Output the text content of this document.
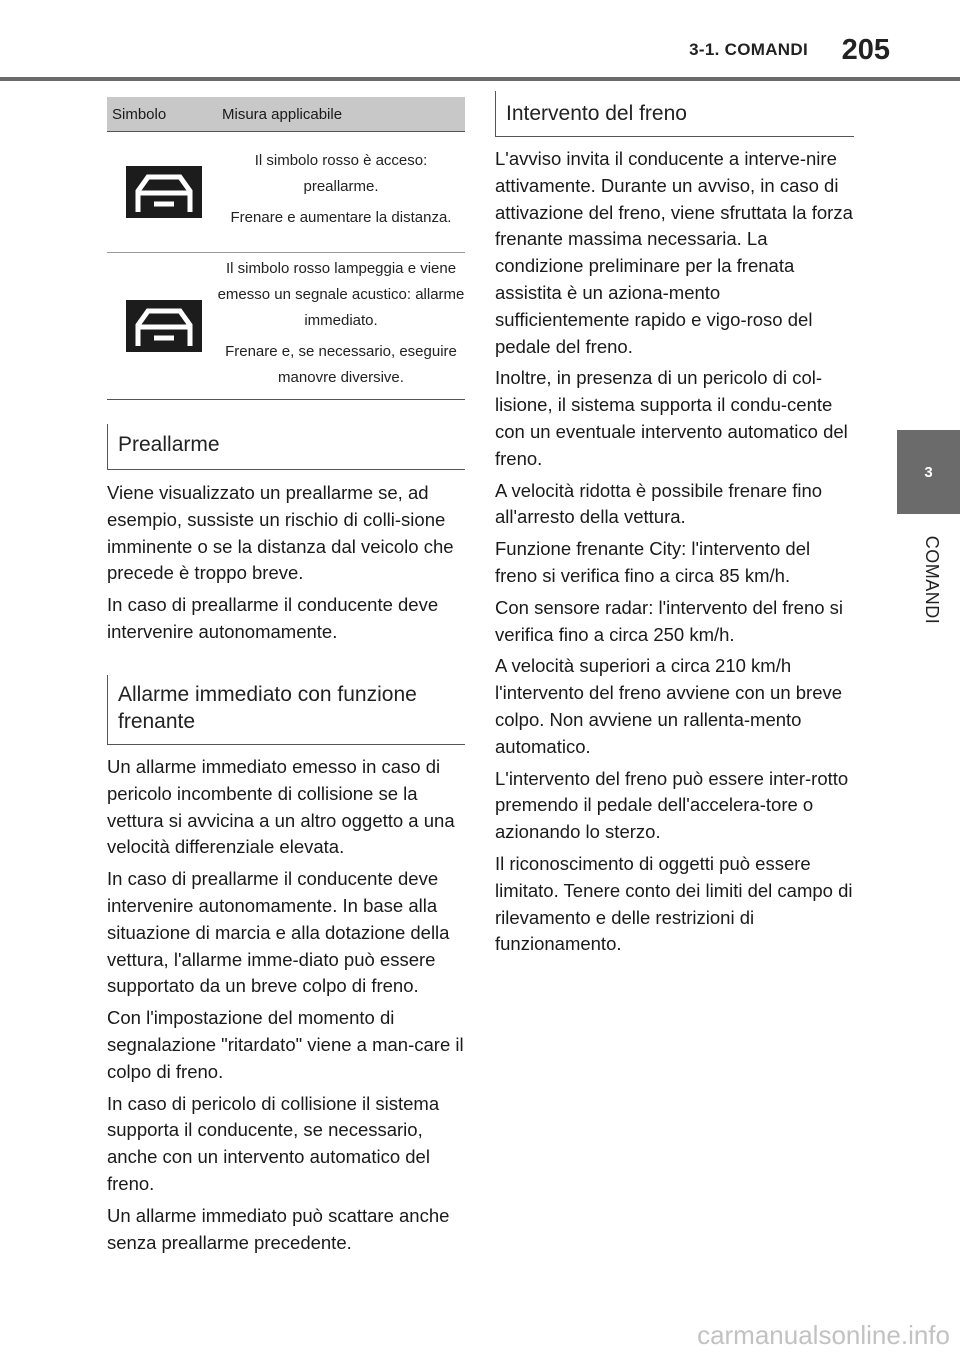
3-1. COMANDI	205
3
COMANDI
Simbolo	Misura applicabile

Il simbolo rosso è acceso: preallarme.

Frenare e aumentare la distanza.

Il simbolo rosso lampeggia e viene emesso un segnale acustico: allarme immediato.

Frenare e, se necessario, eseguire manovre diversive.

Preallarme

Viene visualizzato un preallarme se, ad esempio, sussiste un rischio di colli-sione imminente o se la distanza dal veicolo che precede è troppo breve.

In caso di preallarme il conducente deve intervenire autonomamente.

Allarme immediato con funzione frenante

Un allarme immediato emesso in caso di pericolo incombente di collisione se la vettura si avvicina a un altro oggetto a una velocità differenziale elevata.

In caso di preallarme il conducente deve intervenire autonomamente. In base alla situazione di marcia e alla dotazione della vettura, l'allarme imme-diato può essere supportato da un breve colpo di freno.

Con l'impostazione del momento di segnalazione "ritardato" viene a man-care il colpo di freno.

In caso di pericolo di collisione il sistema supporta il conducente, se necessario, anche con un intervento automatico del freno.

Un allarme immediato può scattare anche senza preallarme precedente.

Intervento del freno

L'avviso invita il conducente a interve-nire attivamente. Durante un avviso, in caso di attivazione del freno, viene sfruttata la forza frenante massima necessaria. La condizione preliminare per la frenata assistita è un aziona-mento sufficientemente rapido e vigo-roso del pedale del freno.

Inoltre, in presenza di un pericolo di col-lisione, il sistema supporta il condu-cente con un eventuale intervento automatico del freno.

A velocità ridotta è possibile frenare fino all'arresto della vettura.

Funzione frenante City: l'intervento del freno si verifica fino a circa 85 km/h.

Con sensore radar: l'intervento del freno si verifica fino a circa 250 km/h.

A velocità superiori a circa 210 km/h l'intervento del freno avviene con un breve colpo. Non avviene un rallenta-mento automatico.

L'intervento del freno può essere inter-rotto premendo il pedale dell'accelera-tore o azionando lo sterzo.

Il riconoscimento di oggetti può essere limitato. Tenere conto dei limiti del campo di rilevamento e delle restrizioni di funzionamento.

carmanualsonline.info
